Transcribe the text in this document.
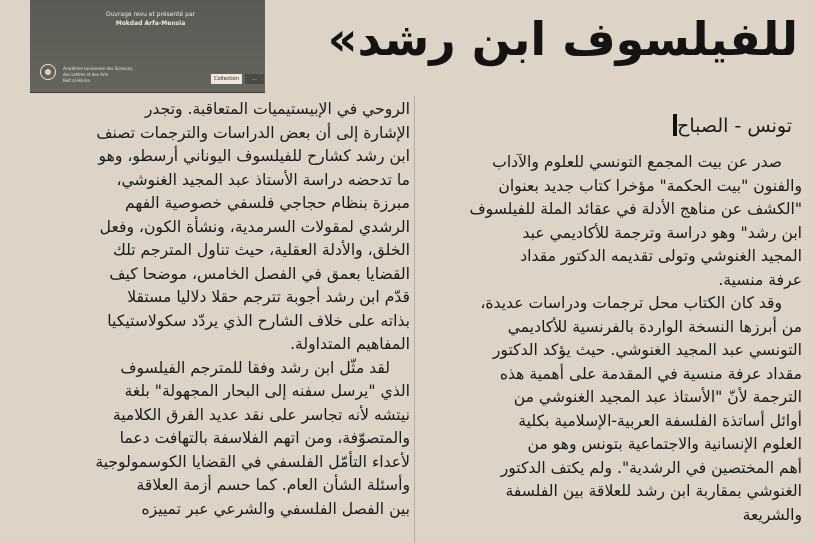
Ouvrage revu et présenté par
Mokdad Arfa-Mensia
Académie tunisienne des Sciences,
des Lettres et des Arts
Beït al-Hikma	Collection	...
للفيلسوف ابن رشد»
تونس - الصباح
الروحي في الإبيستيميات المتعاقبة. وتجدر
الإشارة إلى أن بعض الدراسات والترجمات تصنف
ابن رشد كشارح للفيلسوف اليوناني أرسطو، وهو
ما تدحضه دراسة الأستاذ عبد المجيد الغنوشي،
مبرزة بنظام حجاجي فلسفي خصوصية الفهم
الرشدي لمقولات السرمدية، ونشأة الكون، وفعل
الخلق، والأدلة العقلية، حيث تناول المترجم تلك
القضايا بعمق في الفصل الخامس، موضحا كيف
قدّم ابن رشد أجوبة تترجم حقلا دلاليا مستقلا
بذاته على خلاف الشارح الذي يردّد سكولاستيكيا
المفاهيم المتداولة.
لقد مثّل ابن رشد وفقا للمترجم الفيلسوف
الذي "يرسل سفنه إلى البحار المجهولة" بلغة
نيتشه لأنه تجاسر على نقد عديد الفرق الكلامية
والمتصوّفة، ومن اتهم الفلاسفة بالتهافت دعما
لأعداء التأمّل الفلسفي في القضايا الكوسمولوجية
وأسئلة الشأن العام. كما حسم أزمة العلاقة
بين الفصل الفلسفي والشرعي عبر تمييزه
صدر عن بيت المجمع التونسي للعلوم والآداب
والفنون "بيت الحكمة" مؤخرا كتاب جديد بعنوان
"الكشف عن مناهج الأدلة في عقائد الملة للفيلسوف
ابن رشد" وهو دراسة وترجمة للأكاديمي عبد
المجيد الغنوشي وتولى تقديمه الدكتور مقداد
عرفة منسية.
وقد كان الكتاب محل ترجمات ودراسات عديدة،
من أبرزها النسخة الواردة بالفرنسية للأكاديمي
التونسي عبد المجيد الغنوشي. حيث يؤكد الدكتور
مقداد عرفة منسية في المقدمة على أهمية هذه
الترجمة لأنّ "الأستاذ عبد المجيد الغنوشي من
أوائل أساتذة الفلسفة العربية-الإسلامية بكلية
العلوم الإنسانية والاجتماعية بتونس وهو من
أهم المختصين في الرشدية". ولم يكتف الدكتور
الغنوشي بمقاربة ابن رشد للعلاقة بين الفلسفة
والشريعة
